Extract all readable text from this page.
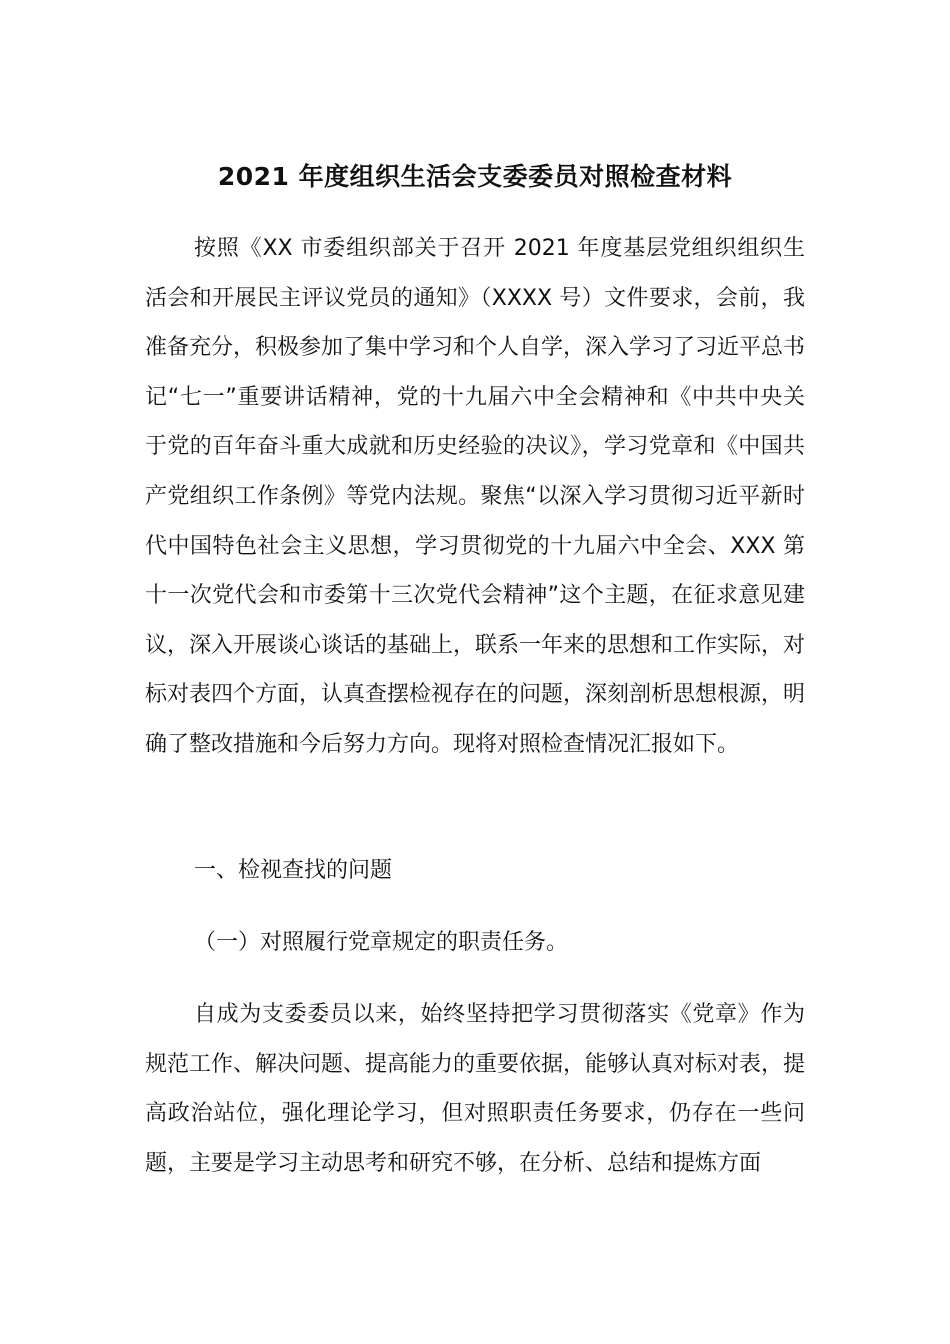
2021 年度组织生活会支委委员对照检查材料

按照《XX 市委组织部关于召开 2021 年度基层党组织组织生活会和开展民主评议党员的通知》（XXXX 号）文件要求，会前，我准备充分，积极参加了集中学习和个人自学，深入学习了习近平总书记“七一”重要讲话精神，党的十九届六中全会精神和《中共中央关于党的百年奋斗重大成就和历史经验的决议》，学习党章和《中国共产党组织工作条例》等党内法规。聚焦“以深入学习贯彻习近平新时代中国特色社会主义思想，学习贯彻党的十九届六中全会、XXX 第十一次党代会和市委第十三次党代会精神”这个主题，在征求意见建议，深入开展谈心谈话的基础上，联系一年来的思想和工作实际，对标对表四个方面，认真查摆检视存在的问题，深刻剖析思想根源，明确了整改措施和今后努力方向。现将对照检查情况汇报如下。

一、检视查找的问题

（一）对照履行党章规定的职责任务。

自成为支委委员以来，始终坚持把学习贯彻落实《党章》作为规范工作、解决问题、提高能力的重要依据，能够认真对标对表，提高政治站位，强化理论学习，但对照职责任务要求，仍存在一些问题，主要是学习主动思考和研究不够，在分析、总结和提炼方面
